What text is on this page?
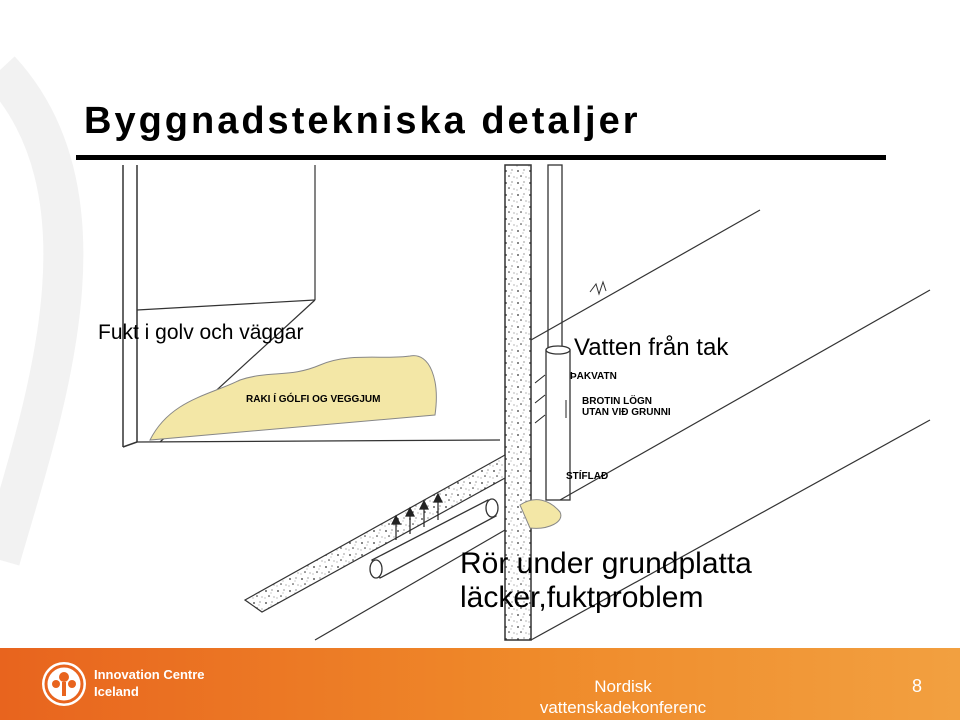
Byggnadstekniska detaljer
Fukt i golv och väggar
Vatten från tak
Rör under grundplatta
läcker,fuktproblem
RAKI Í GÓLFI OG VEGGJUM
ÞAKVATN
BROTIN LÖGN
UTAN VIÐ GRUNNI
STÍFLAÐ
Innovation Centre
Iceland	Nordisk
vattenskadekonferenc
8
